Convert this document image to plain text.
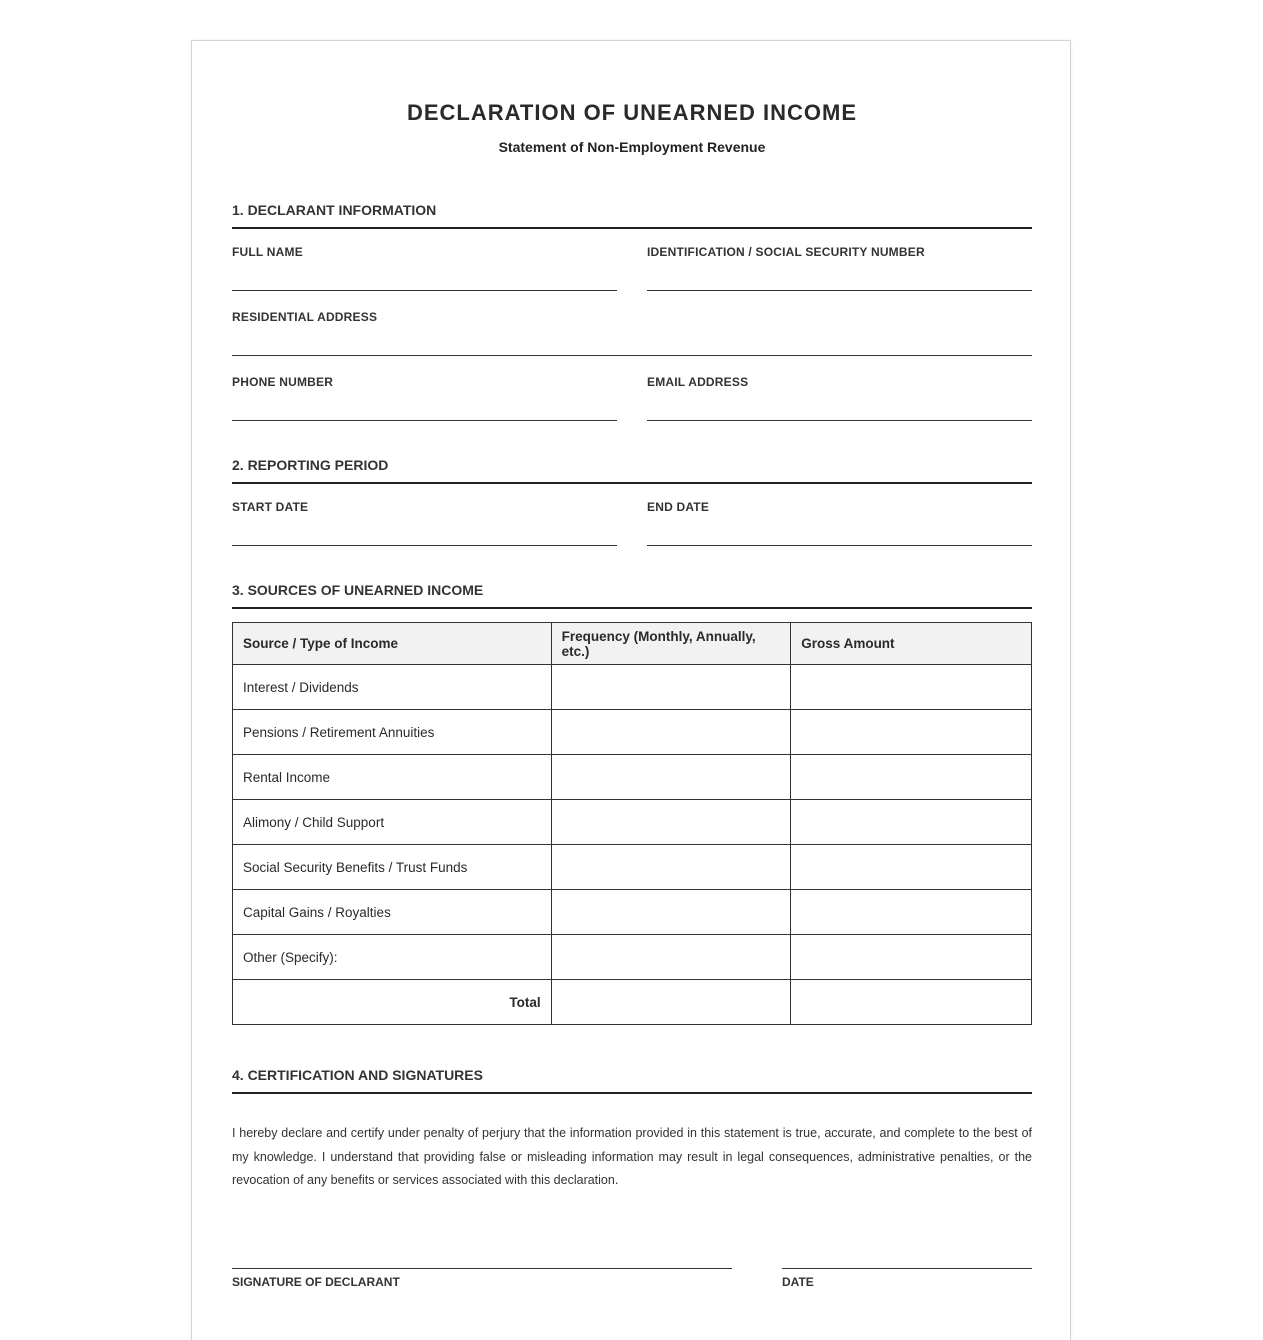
DECLARATION OF UNEARNED INCOME
Statement of Non-Employment Revenue
1. DECLARANT INFORMATION
FULL NAME	IDENTIFICATION / SOCIAL SECURITY NUMBER
RESIDENTIAL ADDRESS
PHONE NUMBER	EMAIL ADDRESS
2. REPORTING PERIOD
START DATE	END DATE
3. SOURCES OF UNEARNED INCOME
Source / Type of Income	Frequency (Monthly, Annually, etc.)	Gross Amount
Interest / Dividends		
Pensions / Retirement Annuities		
Rental Income		
Alimony / Child Support		
Social Security Benefits / Trust Funds		
Capital Gains / Royalties		
Other (Specify):		
Total		
4. CERTIFICATION AND SIGNATURES
I hereby declare and certify under penalty of perjury that the information provided in this statement is true, accurate, and complete to the best of my knowledge. I understand that providing false or misleading information may result in legal consequences, administrative penalties, or the revocation of any benefits or services associated with this declaration.
SIGNATURE OF DECLARANT	DATE
